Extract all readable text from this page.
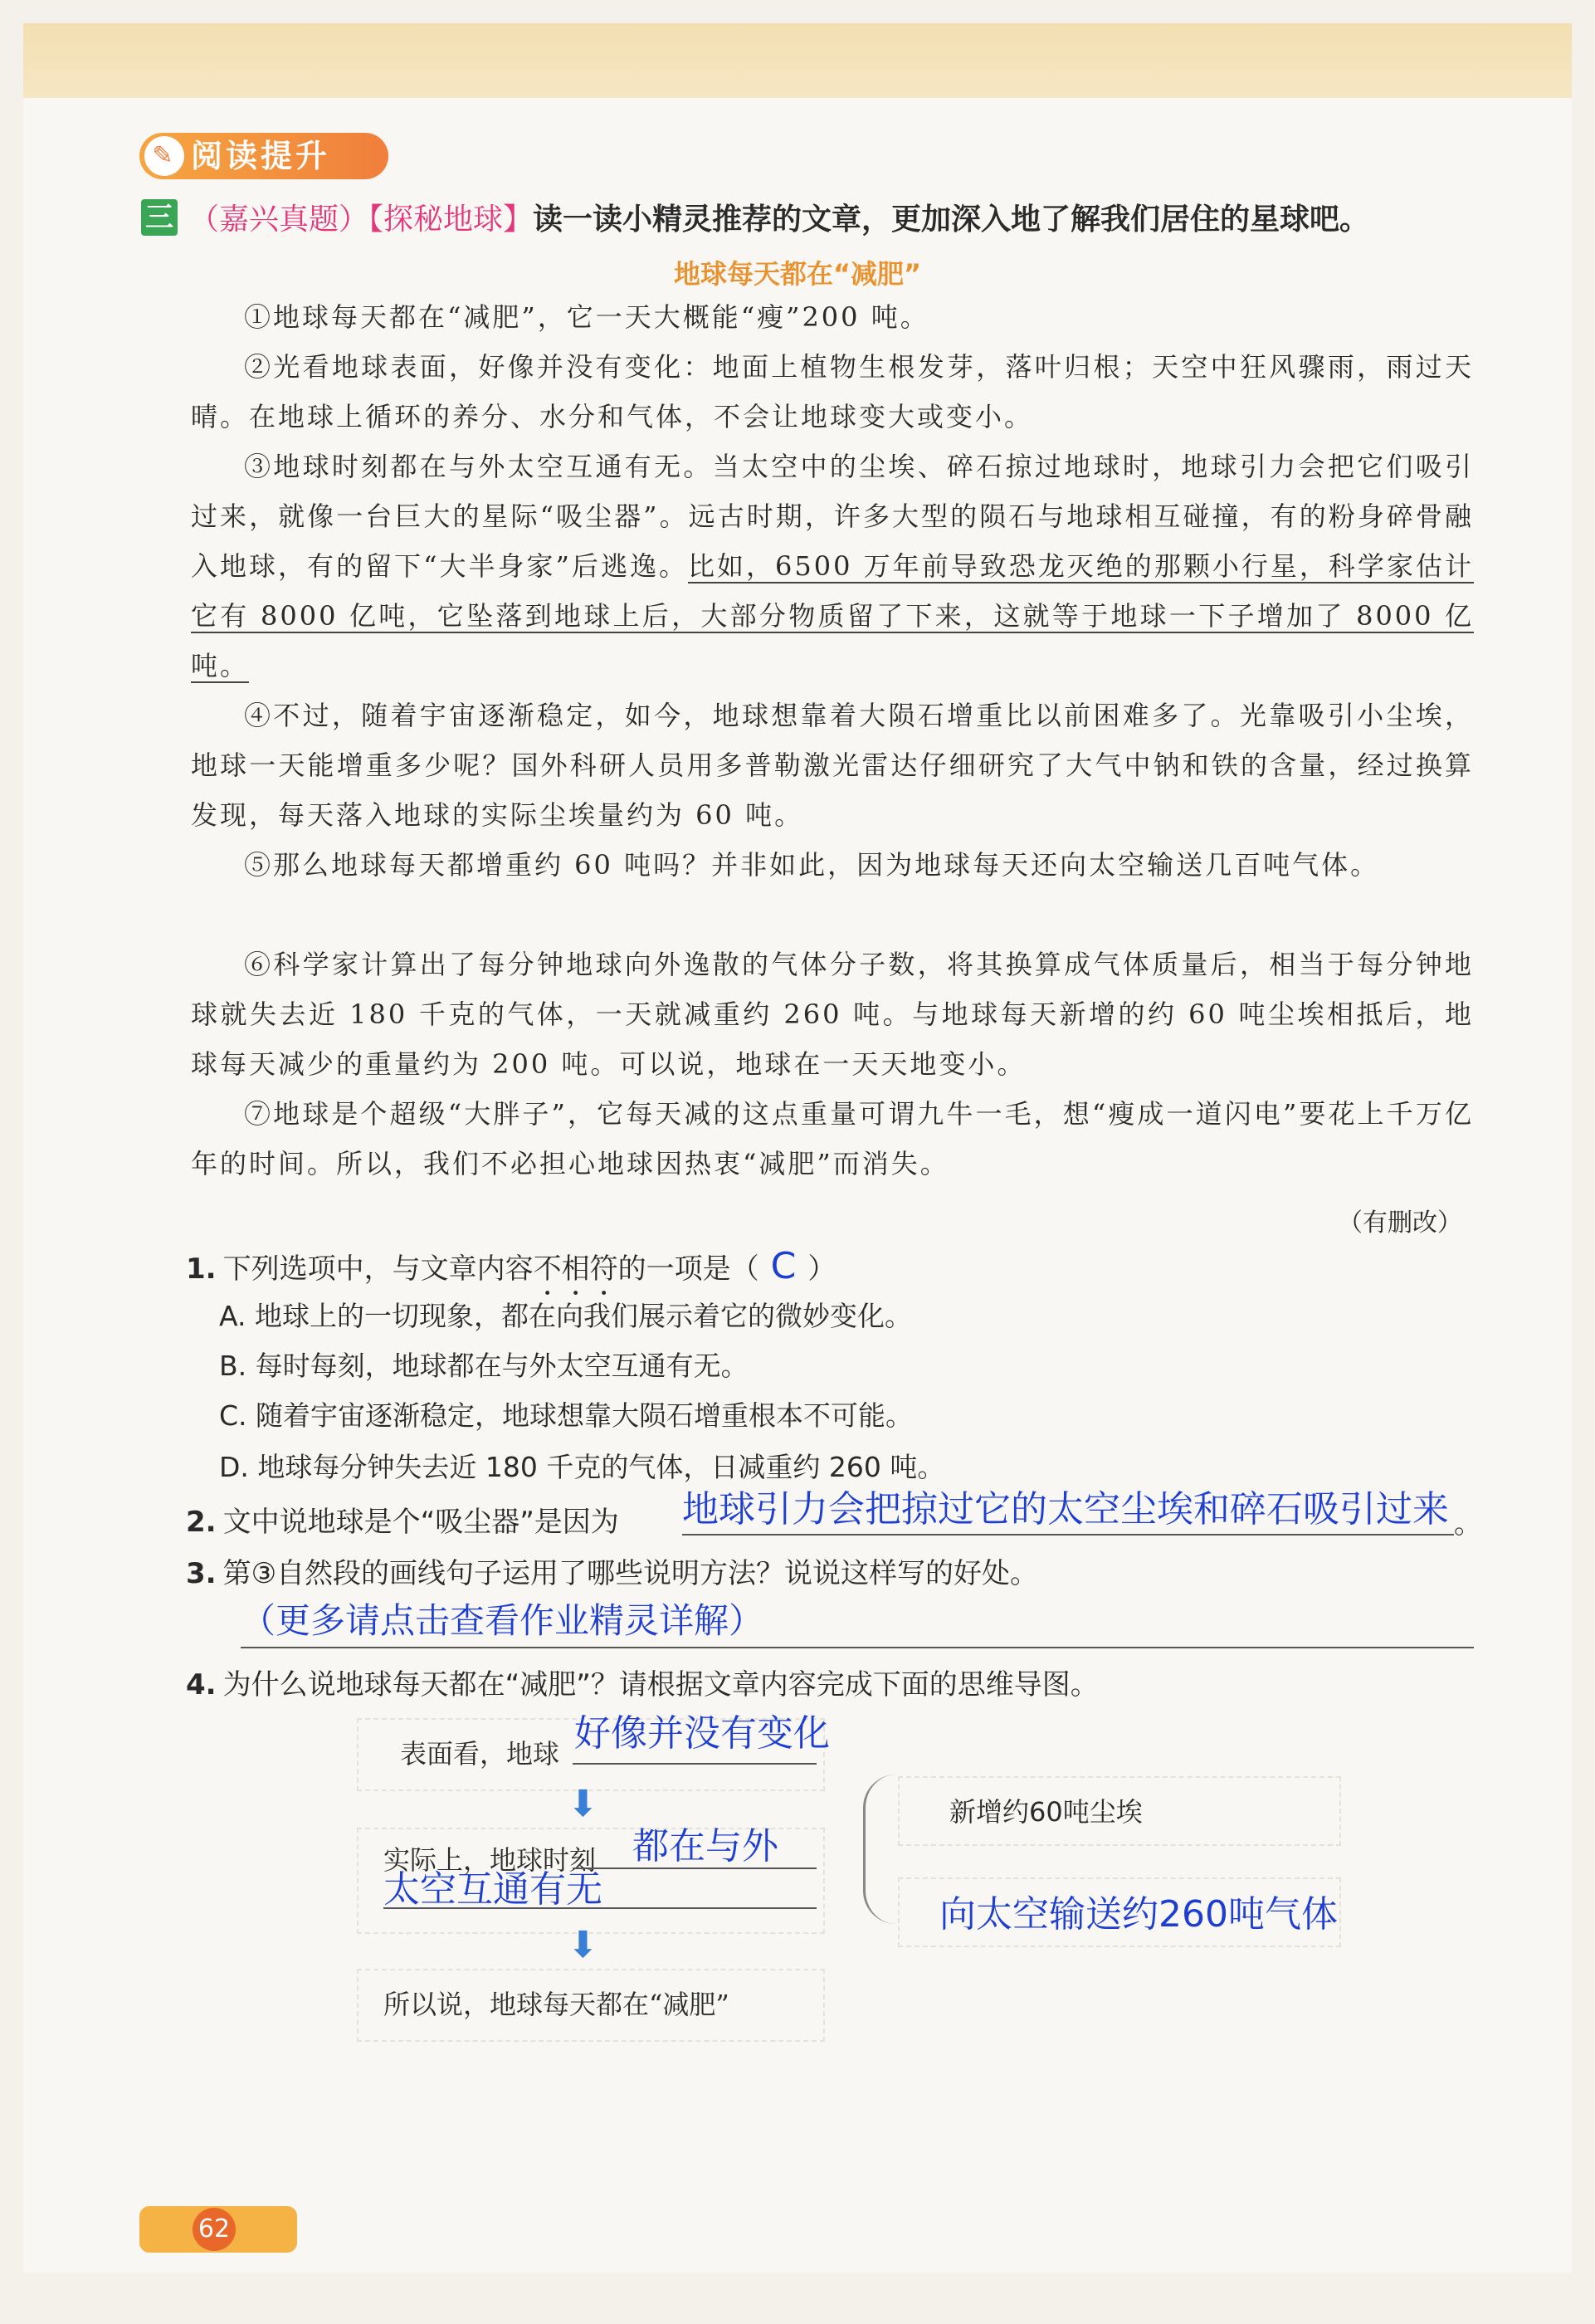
✎ 阅读提升
三 （嘉兴真题）【探秘地球】读一读小精灵推荐的文章，更加深入地了解我们居住的星球吧。
地球每天都在“减肥”
①地球每天都在“减肥”，它一天大概能“瘦”200 吨。
②光看地球表面，好像并没有变化：地面上植物生根发芽，落叶归根；天空中狂风骤雨，雨过天晴。在地球上循环的养分、水分和气体，不会让地球变大或变小。
③地球时刻都在与外太空互通有无。当太空中的尘埃、碎石掠过地球时，地球引力会把它们吸引过来，就像一台巨大的星际“吸尘器”。远古时期，许多大型的陨石与地球相互碰撞，有的粉身碎骨融入地球，有的留下“大半身家”后逃逸。比如，6500 万年前导致恐龙灭绝的那颗小行星，科学家估计它有 8000 亿吨，它坠落到地球上后，大部分物质留了下来，这就等于地球一下子增加了 8000 亿吨。
④不过，随着宇宙逐渐稳定，如今，地球想靠着大陨石增重比以前困难多了。光靠吸引小尘埃，地球一天能增重多少呢？国外科研人员用多普勒激光雷达仔细研究了大气中钠和铁的含量，经过换算发现，每天落入地球的实际尘埃量约为 60 吨。
⑤那么地球每天都增重约 60 吨吗？并非如此，因为地球每天还向太空输送几百吨气体。
⑥科学家计算出了每分钟地球向外逸散的气体分子数，将其换算成气体质量后，相当于每分钟地球就失去近 180 千克的气体，一天就减重约 260 吨。与地球每天新增的约 60 吨尘埃相抵后，地球每天减少的重量约为 200 吨。可以说，地球在一天天地变小。
⑦地球是个超级“大胖子”，它每天减的这点重量可谓九牛一毛，想“瘦成一道闪电”要花上千万亿年的时间。所以，我们不必担心地球因热衷“减肥”而消失。
（有删改）
1. 下列选项中，与文章内容不相符的一项是（ C ）
A. 地球上的一切现象，都在向我们展示着它的微妙变化。
B. 每时每刻，地球都在与外太空互通有无。
C. 随着宇宙逐渐稳定，地球想靠大陨石增重根本不可能。
D. 地球每分钟失去近 180 千克的气体，日减重约 260 吨。
2. 文中说地球是个“吸尘器”是因为 地球引力会把掠过它的太空尘埃和碎石吸引过来 。
3. 第③自然段的画线句子运用了哪些说明方法？说说这样写的好处。
（更多请点击查看作业精灵详解）
4. 为什么说地球每天都在“减肥”？请根据文章内容完成下面的思维导图。
表面看，地球 好像并没有变化
⬇
实际上，地球时刻 都在与外
太空互通有无
⬇
所以说，地球每天都在“减肥”
新增约60吨尘埃
向太空输送约260吨气体
62
